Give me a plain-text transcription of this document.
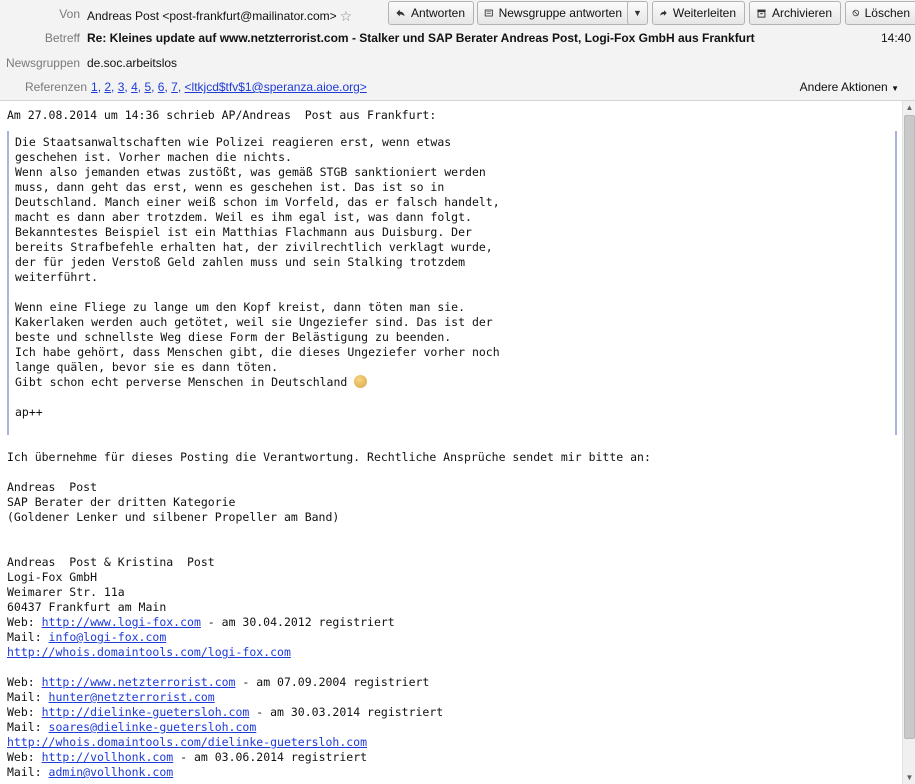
Von Andreas Post <post-frankfurt@mailinator.com> ☆	Antworten	Newsgruppe antworten	▼	Weiterleiten	Archivieren	Löschen
Betreff Re: Kleines update auf www.netzterrorist.com - Stalker und SAP Berater Andreas Post, Logi-Fox GmbH aus Frankfurt	14:40
Newsgruppen de.soc.arbeitslos
Referenzen 1, 2, 3, 4, 5, 6, 7, <ltkjcd$tfv$1@speranza.aioe.org>	Andere Aktionen ▼
Am 27.08.2014 um 14:36 schrieb AP/Andreas  Post aus Frankfurt:
Die Staatsanwaltschaften wie Polizei reagieren erst, wenn etwas
geschehen ist. Vorher machen die nichts.
Wenn also jemanden etwas zustößt, was gemäß STGB sanktioniert werden
muss, dann geht das erst, wenn es geschehen ist. Das ist so in
Deutschland. Manch einer weiß schon im Vorfeld, das er falsch handelt,
macht es dann aber trotzdem. Weil es ihm egal ist, was dann folgt.
Bekanntestes Beispiel ist ein Matthias Flachmann aus Duisburg. Der
bereits Strafbefehle erhalten hat, der zivilrechtlich verklagt wurde,
der für jeden Verstoß Geld zahlen muss und sein Stalking trotzdem
weiterführt.
Wenn eine Fliege zu lange um den Kopf kreist, dann töten man sie.
Kakerlaken werden auch getötet, weil sie Ungeziefer sind. Das ist der
beste und schnellste Weg diese Form der Belästigung zu beenden.
Ich habe gehört, dass Menschen gibt, die dieses Ungeziefer vorher noch
lange quälen, bevor sie es dann töten.
Gibt schon echt perverse Menschen in Deutschland
ap++
Ich übernehme für dieses Posting die Verantwortung. Rechtliche Ansprüche sendet mir bitte an:
Andreas  Post
SAP Berater der dritten Kategorie
(Goldener Lenker und silbener Propeller am Band)
Andreas  Post & Kristina  Post
Logi-Fox GmbH
Weimarer Str. 11a
60437 Frankfurt am Main
Web: http://www.logi-fox.com - am 30.04.2012 registriert
Mail: info@logi-fox.com
http://whois.domaintools.com/logi-fox.com
Web: http://www.netzterrorist.com - am 07.09.2004 registriert
Mail: hunter@netzterrorist.com
Web: http://dielinke-guetersloh.com - am 30.03.2014 registriert
Mail: soares@dielinke-guetersloh.com
http://whois.domaintools.com/dielinke-guetersloh.com
Web: http://vollhonk.com - am 03.06.2014 registriert
Mail: admin@vollhonk.com
▲
▼
